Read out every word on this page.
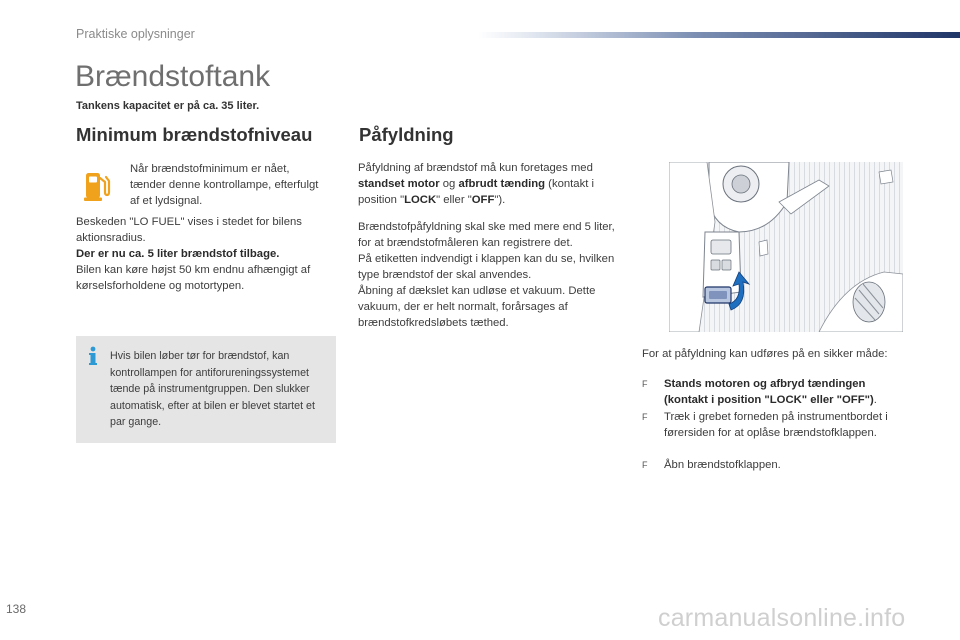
Praktiske oplysninger
Brændstoftank
Tankens kapacitet er på ca. 35 liter.
Minimum brændstofniveau	Påfyldning
Når brændstofminimum er nået, tænder denne kontrollampe, efterfulgt af et lydsignal.
Beskeden "LO FUEL" vises i stedet for bilens aktionsradius.
Der er nu ca. 5 liter brændstof tilbage.
Bilen kan køre højst 50 km endnu afhængigt af kørselsforholdene og motortypen.
Hvis bilen løber tør for brændstof, kan kontrollampen for antiforureningssystemet tænde på instrumentgruppen. Den slukker automatisk, efter at bilen er blevet startet et par gange.
Påfyldning af brændstof må kun foretages med
standset motor og afbrudt tænding (kontakt i position "LOCK" eller "OFF").
Brændstofpåfyldning skal ske med mere end 5 liter, for at brændstofmåleren kan registrere det.
På etiketten indvendigt i klappen kan du se, hvilken type brændstof der skal anvendes.
Åbning af dækslet kan udløse et vakuum. Dette vakuum, der er helt normalt, forårsages af brændstofkredsløbets tæthed.
For at påfyldning kan udføres på en sikker måde:
F	Stands motoren og afbryd tændingen (kontakt i position "LOCK" eller "OFF").
F	Træk i grebet forneden på instrumentbordet i førersiden for at oplåse brændstofklappen.
F	Åbn brændstofklappen.
138	carmanualsonline.info
